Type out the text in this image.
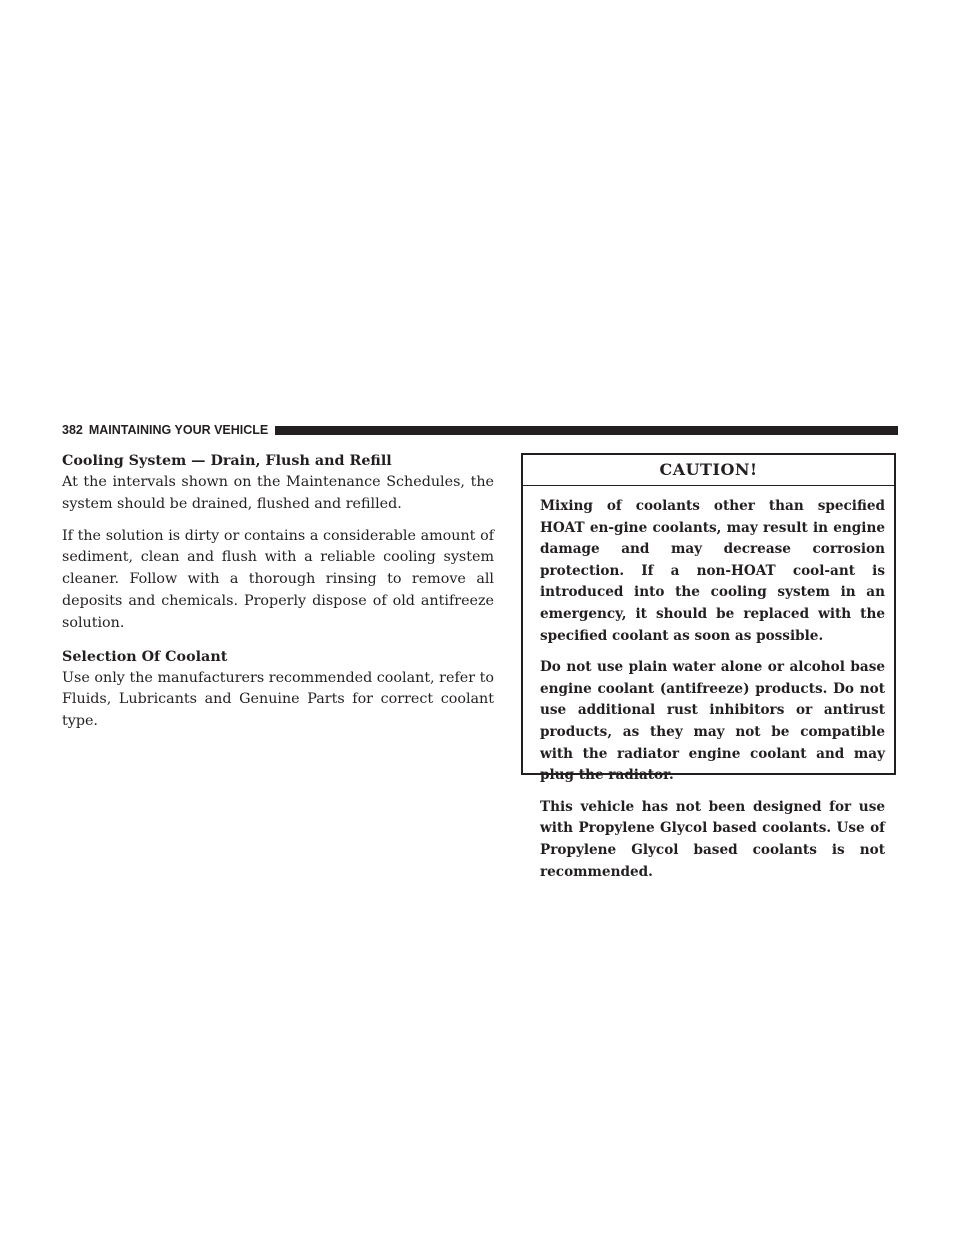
382 MAINTAINING YOUR VEHICLE
Cooling System — Drain, Flush and Refill

At the intervals shown on the Maintenance Schedules, the system should be drained, flushed and refilled.

If the solution is dirty or contains a considerable amount of sediment, clean and flush with a reliable cooling system cleaner. Follow with a thorough rinsing to remove all deposits and chemicals. Properly dispose of old antifreeze solution.

Selection Of Coolant

Use only the manufacturers recommended coolant, refer to Fluids, Lubricants and Genuine Parts for correct coolant type.

CAUTION!

Mixing of coolants other than specified HOAT en-gine coolants, may result in engine damage and may decrease corrosion protection. If a non-HOAT cool-ant is introduced into the cooling system in an emergency, it should be replaced with the specified coolant as soon as possible.

Do not use plain water alone or alcohol base engine coolant (antifreeze) products. Do not use additional rust inhibitors or antirust products, as they may not be compatible with the radiator engine coolant and may plug the radiator.

This vehicle has not been designed for use with Propylene Glycol based coolants. Use of Propylene Glycol based coolants is not recommended.
